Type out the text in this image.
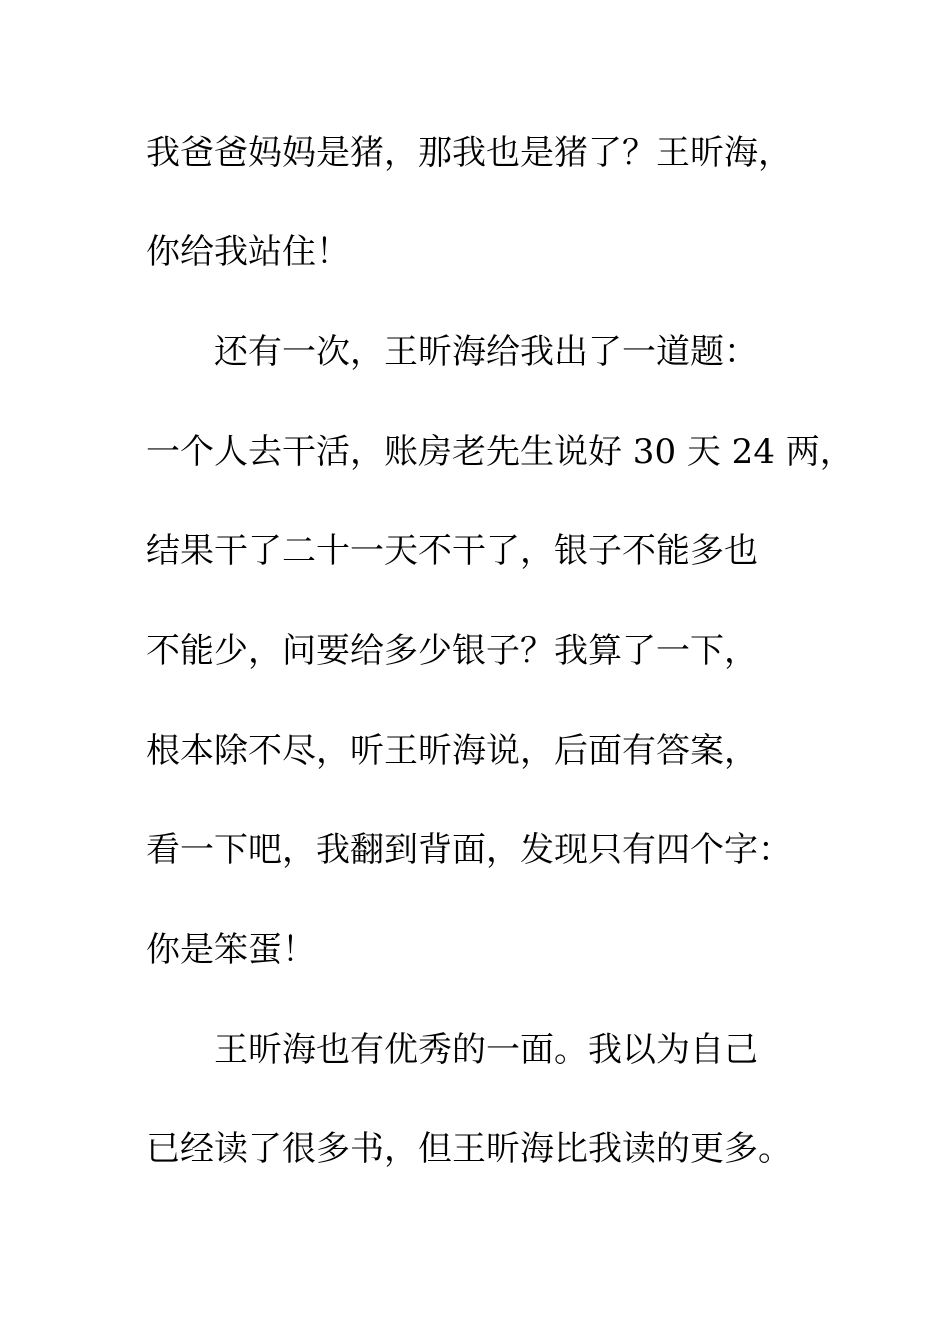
我爸爸妈妈是猪，那我也是猪了？王昕海，
你给我站住！
还有一次，王昕海给我出了一道题：
一个人去干活，账房老先生说好 30 天 24 两，
结果干了二十一天不干了，银子不能多也
不能少，问要给多少银子？我算了一下，
根本除不尽，听王昕海说，后面有答案，
看一下吧，我翻到背面，发现只有四个字：
你是笨蛋！
王昕海也有优秀的一面。我以为自己
已经读了很多书，但王昕海比我读的更多。
